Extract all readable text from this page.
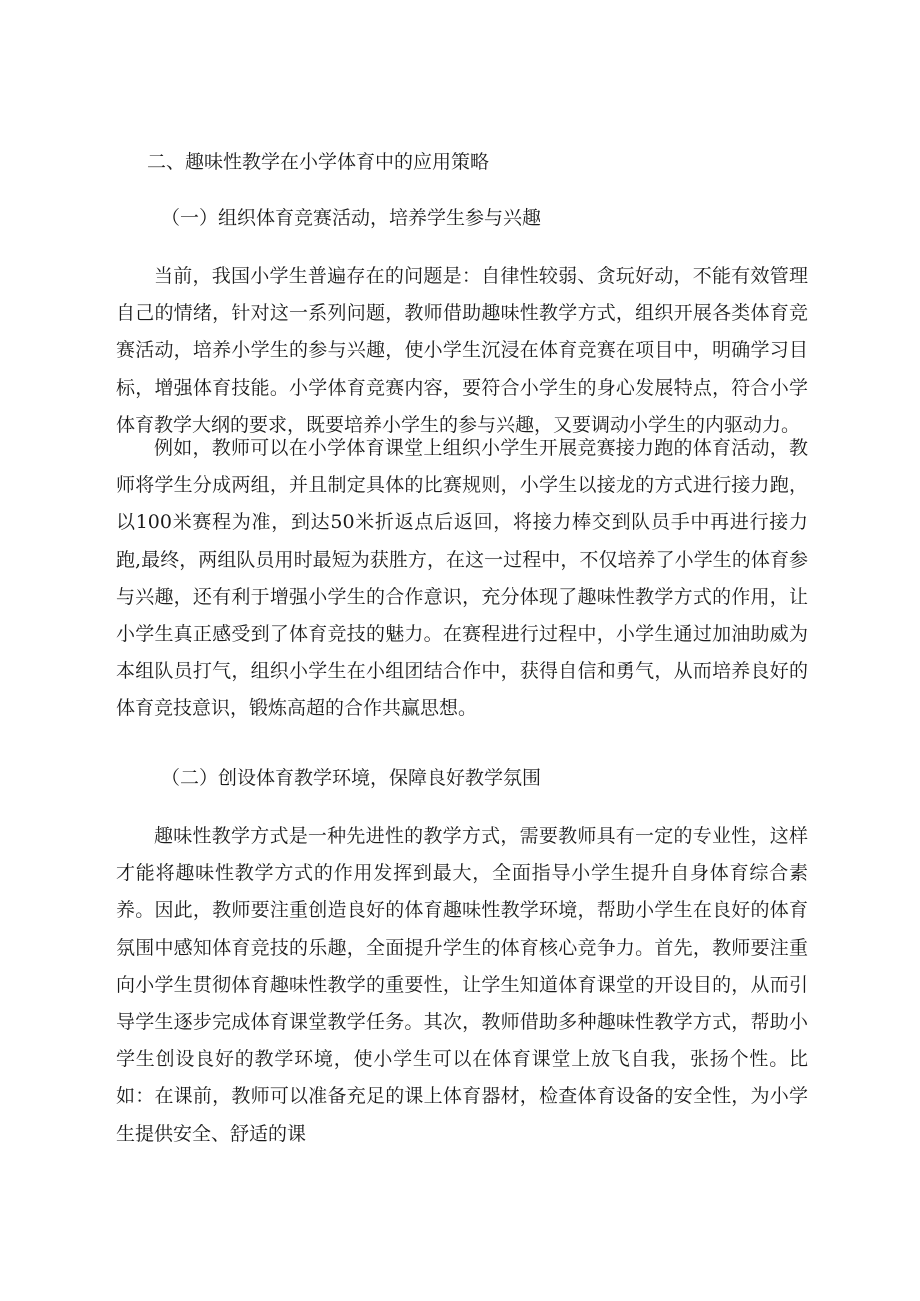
二、趣味性教学在小学体育中的应用策略
（一）组织体育竞赛活动，培养学生参与兴趣

当前，我国小学生普遍存在的问题是：自律性较弱、贪玩好动，不能有效管理自己的情绪，针对这一系列问题，教师借助趣味性教学方式，组织开展各类体育竞赛活动，培养小学生的参与兴趣，使小学生沉浸在体育竞赛在项目中，明确学习目标，增强体育技能。小学体育竞赛内容，要符合小学生的身心发展特点，符合小学体育教学大纲的要求，既要培养小学生的参与兴趣，又要调动小学生的内驱动力。

例如，教师可以在小学体育课堂上组织小学生开展竞赛接力跑的体育活动，教师将学生分成两组，并且制定具体的比赛规则，小学生以接龙的方式进行接力跑，以100米赛程为准，到达50米折返点后返回，将接力棒交到队员手中再进行接力跑,最终，两组队员用时最短为获胜方，在这一过程中，不仅培养了小学生的体育参与兴趣，还有利于增强小学生的合作意识，充分体现了趣味性教学方式的作用，让小学生真正感受到了体育竞技的魅力。在赛程进行过程中，小学生通过加油助威为本组队员打气，组织小学生在小组团结合作中，获得自信和勇气，从而培养良好的体育竞技意识，锻炼高超的合作共赢思想。

（二）创设体育教学环境，保障良好教学氛围

趣味性教学方式是一种先进性的教学方式，需要教师具有一定的专业性，这样才能将趣味性教学方式的作用发挥到最大，全面指导小学生提升自身体育综合素养。因此，教师要注重创造良好的体育趣味性教学环境，帮助小学生在良好的体育氛围中感知体育竞技的乐趣，全面提升学生的体育核心竞争力。首先，教师要注重向小学生贯彻体育趣味性教学的重要性，让学生知道体育课堂的开设目的，从而引导学生逐步完成体育课堂教学任务。其次，教师借助多种趣味性教学方式，帮助小学生创设良好的教学环境，使小学生可以在体育课堂上放飞自我，张扬个性。比如：在课前，教师可以准备充足的课上体育器材，检查体育设备的安全性，为小学生提供安全、舒适的课
